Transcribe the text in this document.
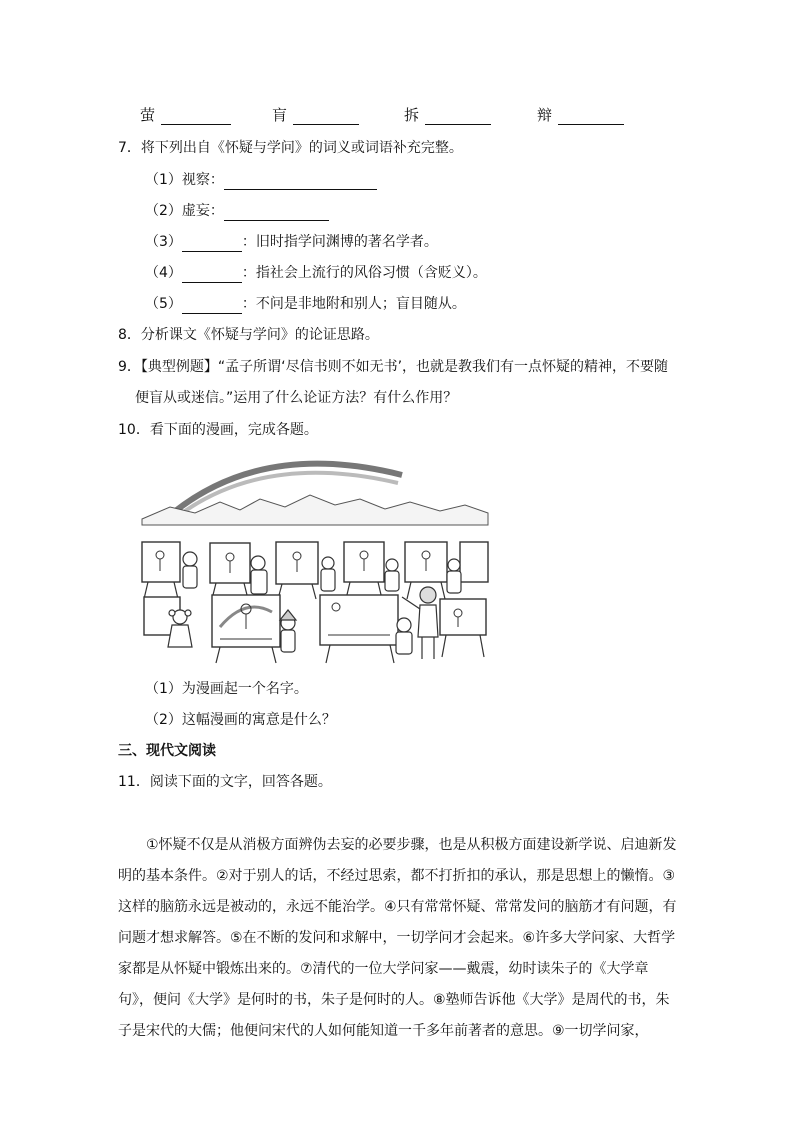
萤	肓	拆	辩
7．将下列出自《怀疑与学问》的词义或词语补充完整。
（1）视察：
（2）虚妄：
（3）	：旧时指学问渊博的著名学者。
（4）	：指社会上流行的风俗习惯（含贬义）。
（5）	：不问是非地附和别人；盲目随从。
8．分析课文《怀疑与学问》的论证思路。
9．【典型例题】“孟子所谓‘尽信书则不如无书’，也就是教我们有一点怀疑的精神，不要随
便盲从或迷信。”运用了什么论证方法？有什么作用？
10．看下面的漫画，完成各题。
（1）为漫画起一个名字。
（2）这幅漫画的寓意是什么？
三、现代文阅读
11．阅读下面的文字，回答各题。
①怀疑不仅是从消极方面辨伪去妄的必要步骤，也是从积极方面建设新学说、启迪新发明的基本条件。②对于别人的话，不经过思索，都不打折扣的承认，那是思想上的懒惰。③这样的脑筋永远是被动的，永远不能治学。④只有常常怀疑、常常发问的脑筋才有问题，有问题才想求解答。⑤在不断的发问和求解中，一切学问才会起来。⑥许多大学问家、大哲学家都是从怀疑中锻炼出来的。⑦清代的一位大学问家——戴震，幼时读朱子的《大学章句》，便问《大学》是何时的书，朱子是何时的人。⑧塾师告诉他《大学》是周代的书，朱子是宋代的大儒；他便问宋代的人如何能知道一千多年前著者的意思。⑨一切学问家，
